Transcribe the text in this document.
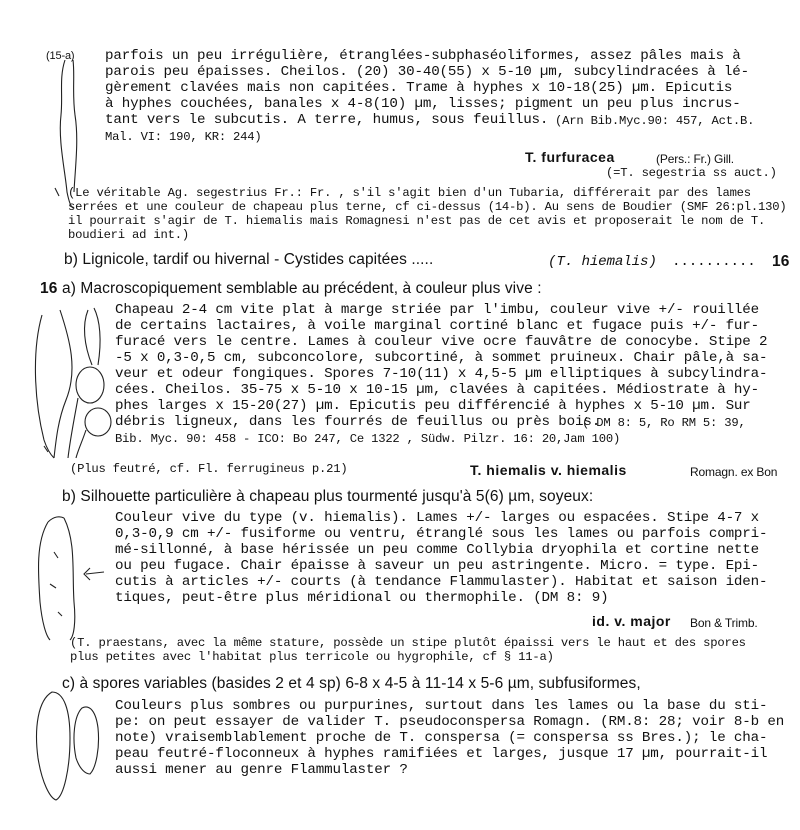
(15-a) parfois un peu irrégulière, étranglées-subphaséoliformes, assez pâles mais à
parois peu épaisses. Cheilos. (20) 30-40(55) x 5-10 µm, subcylindracées à lé-
gèrement clavées mais non capitées. Trame à hyphes x 10-18(25) µm. Epicutis
à hyphes couchées, banales x 4-8(10) µm, lisses; pigment un peu plus incrus-
tant vers le subcutis. A terre, humus, sous feuillus. (Arn Bib.Myc.90: 457, Act.B.
Mal. VI: 190, KR: 244)
T. furfuracea	(Pers.: Fr.) Gill.
(=T. segestria ss auct.)
(Le véritable Ag. segestrius Fr.: Fr. , s'il s'agit bien d'un Tubaria, différerait par des lames
serrées et une couleur de chapeau plus terne, cf ci-dessus (14-b). Au sens de Boudier (SMF 26:pl.130)
il pourrait s'agir de T. hiemalis mais Romagnesi n'est pas de cet avis et proposerait le nom de T.
boudieri ad int.)
b) Lignicole, tardif ou hivernal - Cystides capitées .....	(T. hiemalis) .......... 16
16 a) Macroscopiquement semblable au précédent, à couleur plus vive :
Chapeau 2-4 cm vite plat à marge striée par l'imbu, couleur vive +/- rouillée
de certains lactaires, à voile marginal cortiné blanc et fugace puis +/- fur-
furacé vers le centre. Lames à couleur vive ocre fauvâtre de conocybe. Stipe 2
-5 x 0,3-0,5 cm, subconcolore, subcortiné, à sommet pruineux. Chair pâle,à sa-
veur et odeur fongiques. Spores 7-10(11) x 4,5-5 µm elliptiques à subcylindra-
cées. Cheilos. 35-75 x 5-10 x 10-15 µm, clavées à capitées. Médiostrate à hy-
phes larges x 15-20(27) µm. Epicutis peu différencié à hyphes x 5-10 µm. Sur
débris ligneux, dans les fourrés de feuillus ou près bois.
( DM 8: 5, Ro RM 5: 39,
Bib. Myc. 90: 458 - ICO: Bo 247, Ce 1322 , Südw. Pilzr. 16: 20,Jam 100)
(Plus feutré, cf. Fl. ferrugineus p.21)	T. hiemalis v. hiemalis	Romagn. ex Bon
b) Silhouette particulière à chapeau plus tourmenté jusqu'à 5(6) µm, soyeux:
Couleur vive du type (v. hiemalis). Lames +/- larges ou espacées. Stipe 4-7 x
0,3-0,9 cm +/- fusiforme ou ventru, étranglé sous les lames ou parfois compri-
mé-sillonné, à base hérissée un peu comme Collybia dryophila et cortine nette
ou peu fugace. Chair épaisse à saveur un peu astringente. Micro. = type. Epi-
cutis à articles +/- courts (à tendance Flammulaster). Habitat et saison iden-
tiques, peut-être plus méridional ou thermophile. (DM 8: 9)
id. v. major Bon & Trimb.
(T. praestans, avec la même stature, possède un stipe plutôt épaissi vers le haut et des spores
plus petites avec l'habitat plus terricole ou hygrophile, cf § 11-a)
c) à spores variables (basides 2 et 4 sp) 6-8 x 4-5 à 11-14 x 5-6 µm, subfusiformes,
Couleurs plus sombres ou purpurines, surtout dans les lames ou la base du sti-
pe: on peut essayer de valider T. pseudoconspersa Romagn. (RM.8: 28; voir 8-b en
note) vraisemblablement proche de T. conspersa (= conspersa ss Bres.); le cha-
peau feutré-floconneux à hyphes ramifiées et larges, jusque 17 µm, pourrait-il
aussi mener au genre Flammulaster ?
